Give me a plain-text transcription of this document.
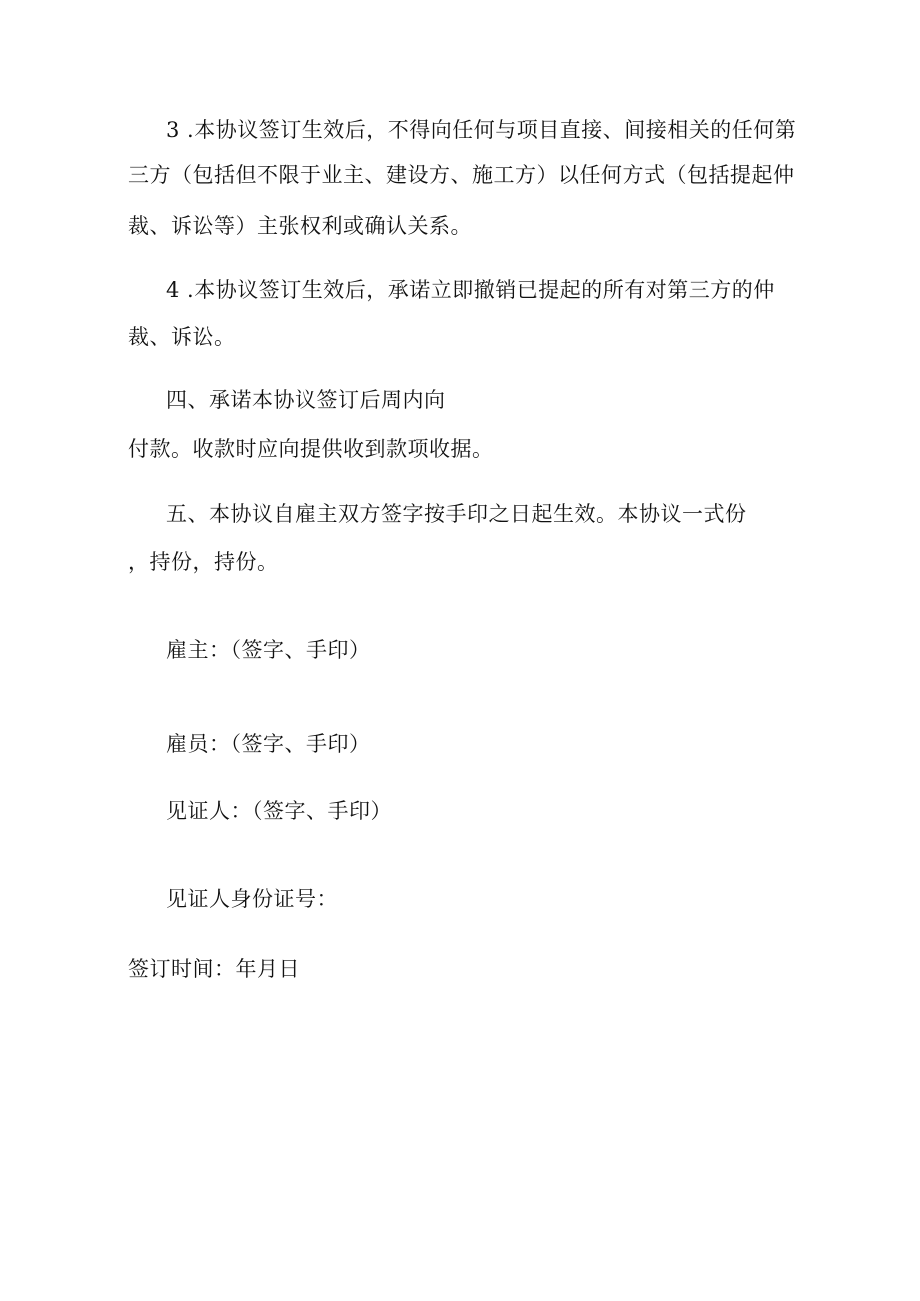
3 .本协议签订生效后，不得向任何与项目直接、间接相关的任何第
三方（包括但不限于业主、建设方、施工方）以任何方式（包括提起仲
裁、诉讼等）主张权利或确认关系。
4 .本协议签订生效后，承诺立即撤销已提起的所有对第三方的仲
裁、诉讼。
四、承诺本协议签订后周内向
付款。收款时应向提供收到款项收据。
五、本协议自雇主双方签字按手印之日起生效。本协议一式份
，持份，持份。
雇主：（签字、手印）
雇员：（签字、手印）
见证人：（签字、手印）
见证人身份证号：
签订时间：年月日
